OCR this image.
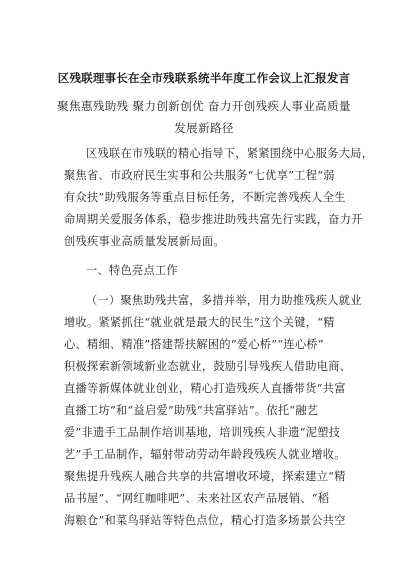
区残联理事长在全市残联系统半年度工作会议上汇报发言
聚焦惠残助残 聚力创新创优 奋力开创残疾人事业高质量
发展新路径
区残联在市残联的精心指导下，紧紧围绕中心服务大局，
聚焦省、市政府民生实事和公共服务“七优享”工程“弱
有众扶”助残服务等重点目标任务，不断完善残疾人全生
命周期关爱服务体系，稳步推进助残共富先行实践，奋力开
创残疾事业高质量发展新局面。
一、特色亮点工作
（一）聚焦助残共富，多措并举，用力助推残疾人就业
增收。紧紧抓住“就业就是最大的民生”这个关键，“精
心、精细、精准”搭建帮扶解困的“爱心桥”“连心桥”
积极探索新领域新业态就业，鼓励引导残疾人借助电商、
直播等新媒体就业创业，精心打造残疾人直播带货“共富
直播工坊”和“益启爱”助残“共富驿站”。依托“融艺
爱”非遗手工品制作培训基地，培训残疾人非遗“泥塑技
艺”手工品制作，辐射带动劳动年龄段残疾人就业增收。
聚焦提升残疾人融合共享的共富增收环境，探索建立“精
品书屋”、“网红咖啡吧”、未来社区农产品展销、“稻
海粮仓”和菜鸟驿站等特色点位，精心打造多场景公共空
